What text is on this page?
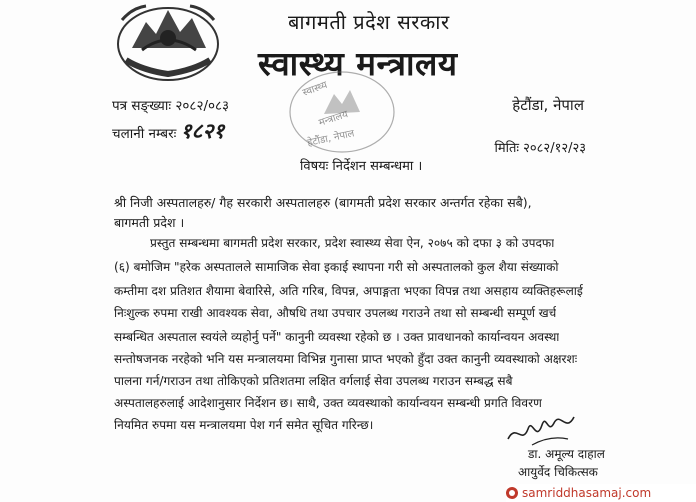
बागमती प्रदेश सरकार
स्वास्थ्य मन्त्रालय
स्वास्थ्य
मन्त्रालय
हेटौंडा, नेपाल
पत्र सङ्ख्याः २०८२/०८३
चलानी नम्बरः १८२१
हेटौंडा, नेपाल
मितिः २०८२/१२/२३
विषयः निर्देशन सम्बन्धमा ।
श्री निजी अस्पतालहरु/ गैह सरकारी अस्पतालहरु (बागमती प्रदेश सरकार अन्तर्गत रहेका सबै),
बागमती प्रदेश ।
प्रस्तुत सम्बन्धमा बागमती प्रदेश सरकार, प्रदेश स्वास्थ्य सेवा ऐन, २०७५ को दफा ३ को उपदफा
(६) बमोजिम "हरेक अस्पतालले सामाजिक सेवा इकाई स्थापना गरी सो अस्पतालको कुल शैया संख्याको
कम्तीमा दश प्रतिशत शैयामा बेवारिसे, अति गरिब, विपन्न, अपाङ्गता भएका विपन्न तथा असहाय व्यक्तिहरूलाई
निःशुल्क रुपमा राखी आवश्यक सेवा, औषधि तथा उपचार उपलब्ध गराउने तथा सो सम्बन्धी सम्पूर्ण खर्च
सम्बन्धित अस्पताल स्वयंले व्यहोर्नु पर्ने" कानुनी व्यवस्था रहेको छ । उक्त प्रावधानको कार्यान्वयन अवस्था
सन्तोषजनक नरहेको भनि यस मन्त्रालयमा विभिन्न गुनासा प्राप्त भएको हुँदा उक्त कानुनी व्यवस्थाको अक्षरशः
पालना गर्न/गराउन तथा तोकिएको प्रतिशतमा लक्षित वर्गलाई सेवा उपलब्ध गराउन सम्बद्ध सबै
अस्पतालहरुलाई आदेशानुसार निर्देशन छ। साथै, उक्त व्यवस्थाको कार्यान्वयन सम्बन्धी प्रगति विवरण
नियमित रुपमा यस मन्त्रालयमा पेश गर्न समेत सूचित गरिन्छ।
डा. अमूल्य दाहाल
आयुर्वेद चिकित्सक
samriddhasamaj.com
